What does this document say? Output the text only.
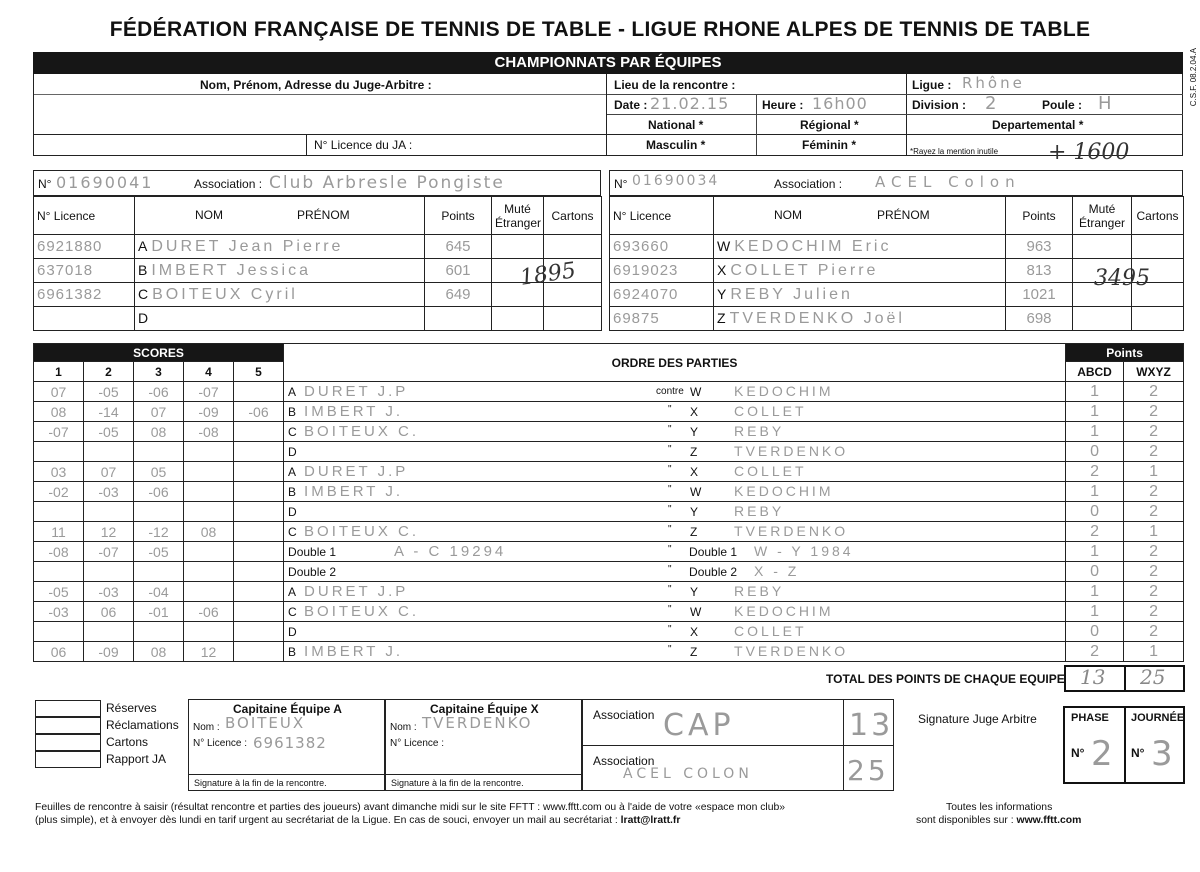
FÉDÉRATION FRANÇAISE DE TENNIS DE TABLE - LIGUE RHONE ALPES DE TENNIS DE TABLE
C.S.F. 08.2.04.A
CHAMPIONNATS PAR ÉQUIPES
Nom, Prénom, Adresse du Juge-Arbitre :	Lieu de la rencontre :	Ligue : Rhône
Date : 21.02.15	Heure : 16h00	Division : 2	Poule : H
National *	Régional *	Departemental *
N° Licence du JA :	Masculin *	Féminin *	*Rayez la mention inutile + 1600
N° 01690041	Association : Club Arbresle Pongiste
N° Licence	NOM PRÉNOM	Points	Muté Étranger	Cartons
6921880	A DURET Jean Pierre	645		
637018	B IMBERT Jessica	601		
6961382	C BOITEUX Cyril	649		
	D			
1895
N° 01690034	Association : ACEL Colon
N° Licence	NOM PRÉNOM	Points	Muté Étranger	Cartons
693660	W KEDOCHIM Eric	963		
6919023	X COLLET Pierre	813		
6924070	Y REBY Julien	1021		
69875	Z TVERDENKO Joël	698		
3495
SCORES					ORDRE DES PARTIES	Points	
1	2	3	4	5		ABCD	WXYZ
07	-05	-06	-07		A DURET J.P contre W KEDOCHIM	1	2
08	-14	07	-09	-06	B IMBERT J. " X COLLET	1	2
-07	-05	08	-08		C BOITEUX C. " Y REBY	1	2

					D " Z TVERDENKO	0	2
03	07	05			A DURET J.P " X COLLET	2	1
-02	-03	-06			B IMBERT J. " W KEDOCHIM	1	2

					D " Y REBY	0	2
11	12	-12	08		C BOITEUX C. " Z TVERDENKO	2	1
-08	-07	-05			Double 1 A - C 19294 " Double 1 W - Y 1984	1	2

					Double 2 " Double 2 X - Z	0	2
-05	-03	-04			A DURET J.P " Y REBY	1	2
-03	06	-01	-06		C BOITEUX C. " W KEDOCHIM	1	2

					D " X COLLET	0	2
06	-09	08	12		B IMBERT J. " Z TVERDENKO	2	1
TOTAL DES POINTS DE CHAQUE EQUIPE 13 25
Réserves
Réclamations
Cartons
Rapport JA
Capitaine Équipe A
Nom : BOITEUX
N° Licence : 6961382
Signature à la fin de la rencontre.
Capitaine Équipe X
Nom : TVERDENKO
N° Licence :
Signature à la fin de la rencontre.
Association CAP	13
Association
ACEL COLON	25
Signature Juge Arbitre	PHASE JOURNÉE
N°	N°
2 3
Feuilles de rencontre à saisir (résultat rencontre et parties des joueurs) avant dimanche midi sur le site FFTT : www.fftt.com ou à l'aide de votre «espace mon club»
(plus simple), et à envoyer dès lundi en tarif urgent au secrétariat de la Ligue. En cas de souci, envoyer un mail au secrétariat : lratt@lratt.fr
Toutes les informations
sont disponibles sur : www.fftt.com
